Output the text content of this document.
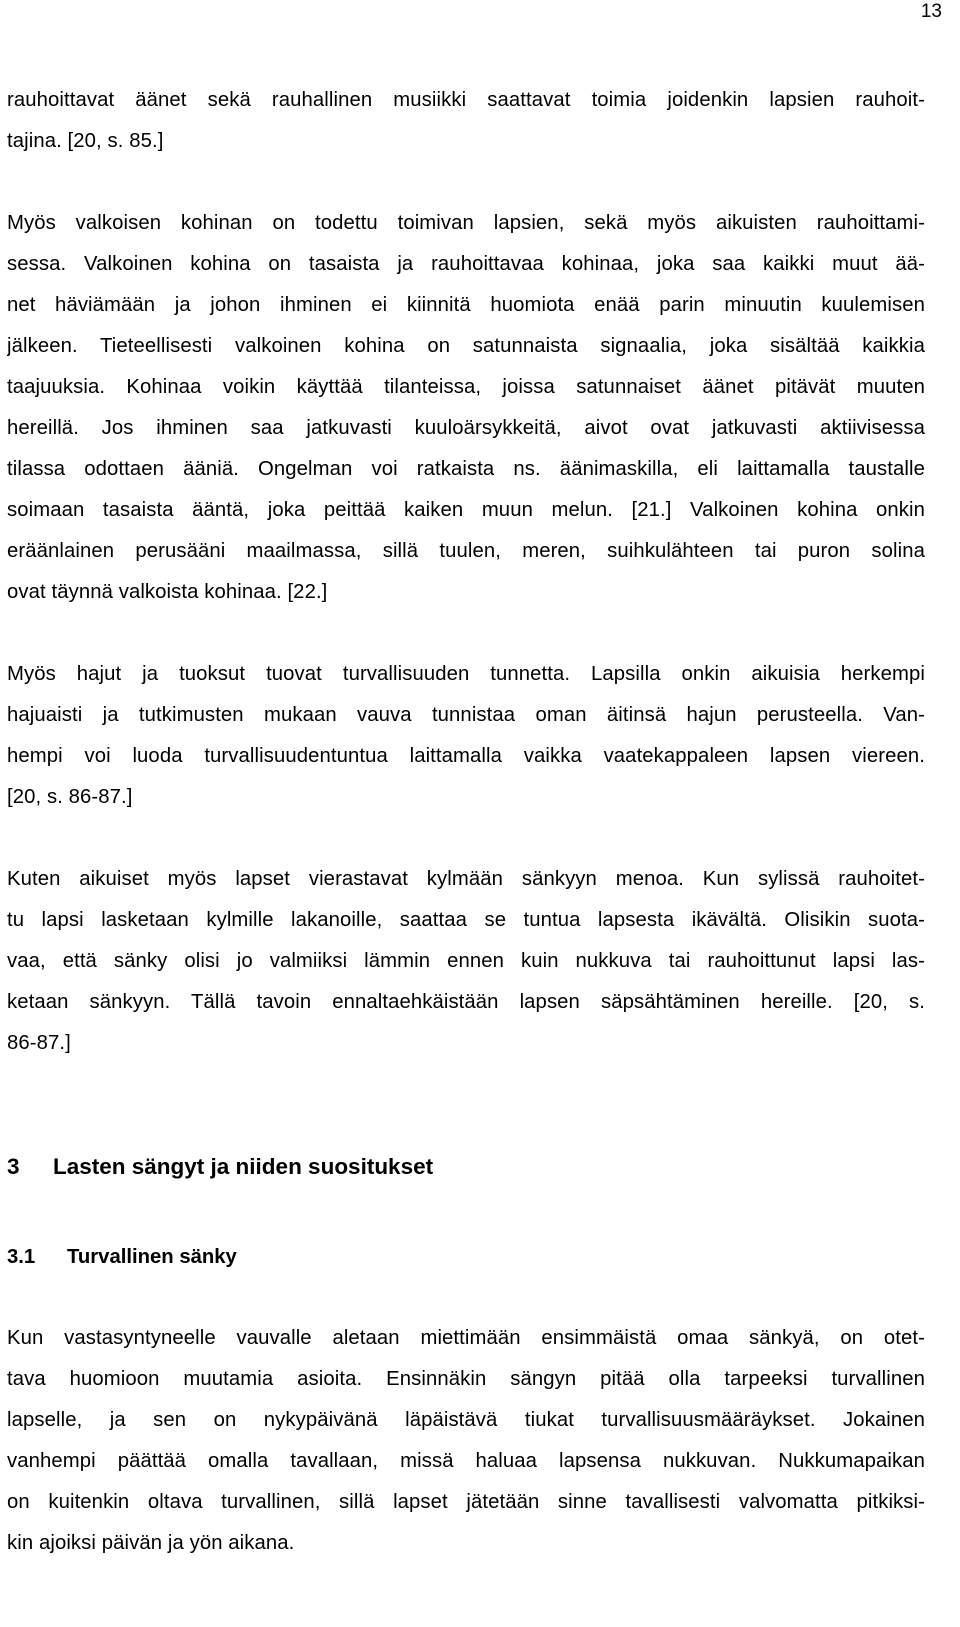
13

rauhoittavat äänet sekä rauhallinen musiikki saattavat toimia joidenkin lapsien rauhoit-
tajina. [20, s. 85.]

Myös valkoisen kohinan on todettu toimivan lapsien, sekä myös aikuisten rauhoittami-
sessa. Valkoinen kohina on tasaista ja rauhoittavaa kohinaa, joka saa kaikki muut ää-
net häviämään ja johon ihminen ei kiinnitä huomiota enää parin minuutin kuulemisen
jälkeen. Tieteellisesti valkoinen kohina on satunnaista signaalia, joka sisältää kaikkia
taajuuksia. Kohinaa voikin käyttää tilanteissa, joissa satunnaiset äänet pitävät muuten
hereillä. Jos ihminen saa jatkuvasti kuuloärsykkeitä, aivot ovat jatkuvasti aktiivisessa
tilassa odottaen ääniä. Ongelman voi ratkaista ns. äänimaskilla, eli laittamalla taustalle
soimaan tasaista ääntä, joka peittää kaiken muun melun. [21.] Valkoinen kohina onkin
eräänlainen perusääni maailmassa, sillä tuulen, meren, suihkulähteen tai puron solina
ovat täynnä valkoista kohinaa. [22.]

Myös hajut ja tuoksut tuovat turvallisuuden tunnetta. Lapsilla onkin aikuisia herkempi
hajuaisti ja tutkimusten mukaan vauva tunnistaa oman äitinsä hajun perusteella. Van-
hempi voi luoda turvallisuudentuntua laittamalla vaikka vaatekappaleen lapsen viereen.
[20, s. 86-87.]

Kuten aikuiset myös lapset vierastavat kylmään sänkyyn menoa. Kun sylissä rauhoitet-
tu lapsi lasketaan kylmille lakanoille, saattaa se tuntua lapsesta ikävältä. Olisikin suota-
vaa, että sänky olisi jo valmiiksi lämmin ennen kuin nukkuva tai rauhoittunut lapsi las-
ketaan sänkyyn. Tällä tavoin ennaltaehkäistään lapsen säpsähtäminen hereille. [20, s.
86-87.]

3 Lasten sängyt ja niiden suositukset
3.1 Turvallinen sänky

Kun vastasyntyneelle vauvalle aletaan miettimään ensimmäistä omaa sänkyä, on otet-
tava huomioon muutamia asioita. Ensinnäkin sängyn pitää olla tarpeeksi turvallinen
lapselle, ja sen on nykypäivänä läpäistävä tiukat turvallisuusmääräykset. Jokainen
vanhempi päättää omalla tavallaan, missä haluaa lapsensa nukkuvan. Nukkumapaikan
on kuitenkin oltava turvallinen, sillä lapset jätetään sinne tavallisesti valvomatta pitkiksi-
kin ajoiksi päivän ja yön aikana.
